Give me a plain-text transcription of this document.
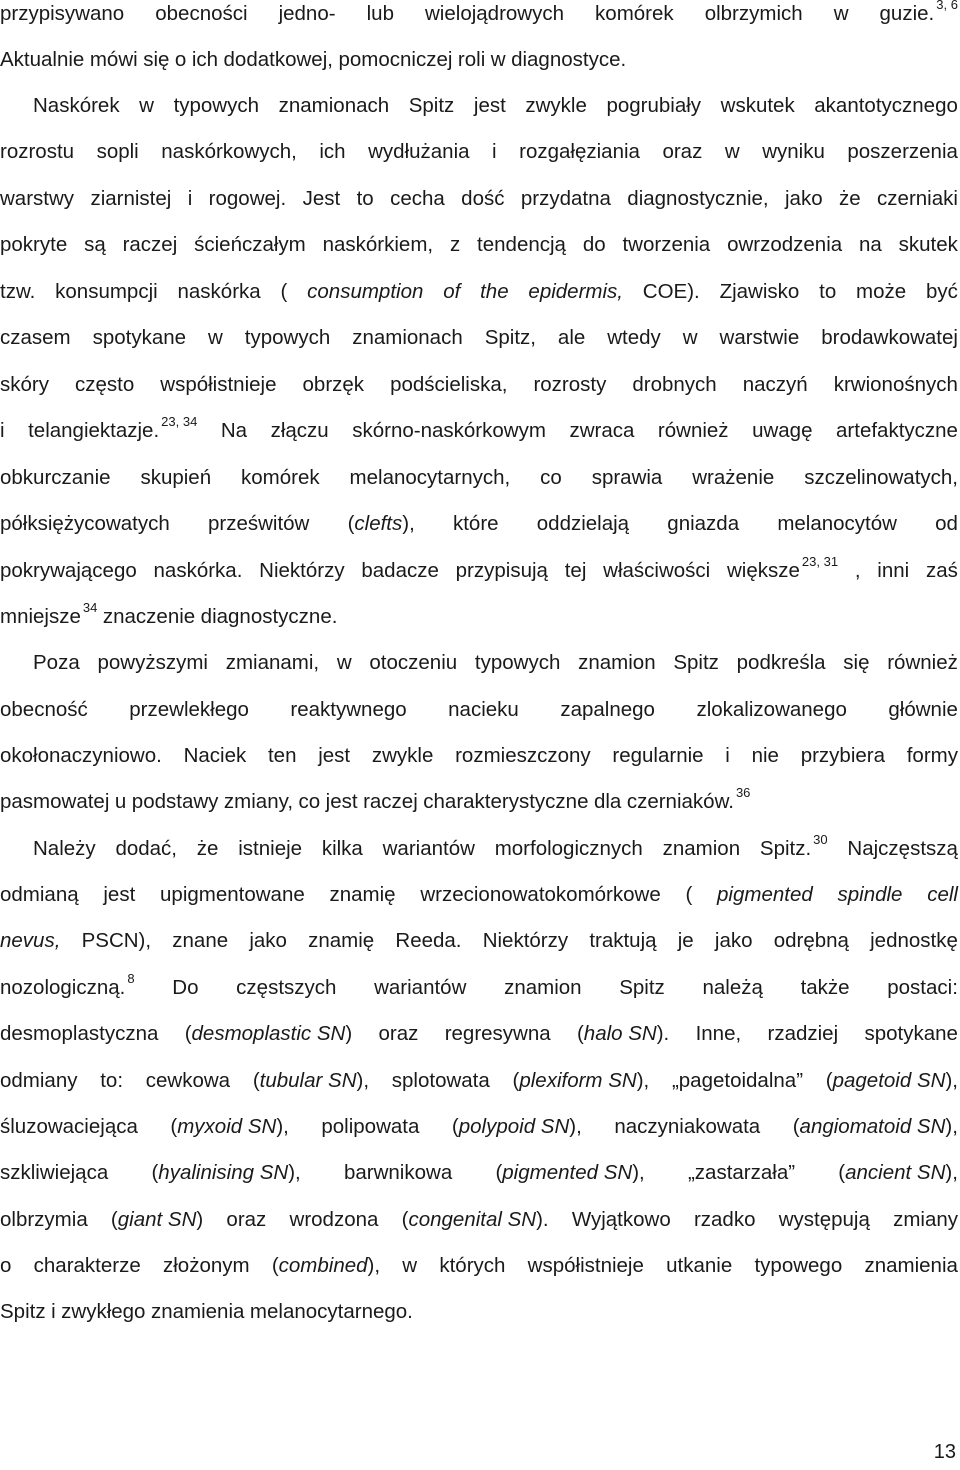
przypisywano obecności jedno- lub wielojądrowych komórek olbrzymich w guzie. $^{3, 6}$
Aktualnie mówi się o ich dodatkowej, pomocniczej roli w diagnostyce.
Naskórek w typowych znamionach Spitz jest zwykle pogrubiały wskutek akantotycznego
rozrostu sopli naskórkowych, ich wydłużania i rozgałęziania oraz w wyniku poszerzenia
warstwy ziarnistej i rogowej. Jest to cecha dość przydatna diagnostycznie, jako że czerniaki
pokryte są raczej ścieńczałym naskórkiem, z tendencją do tworzenia owrzodzenia na skutek
tzw. konsumpcji naskórka ( consumption of the epidermis, COE). Zjawisko to może być
czasem spotykane w typowych znamionach Spitz, ale wtedy w warstwie brodawkowatej
skóry często współistnieje obrzęk podścieliska, rozrosty drobnych naczyń krwionośnych
i telangiektazje. $^{23, 34}$ Na złączu skórno-naskórkowym zwraca również uwagę artefaktyczne
obkurczanie skupień komórek melanocytarnych, co sprawia wrażenie szczelinowatych,
półksiężycowatych prześwitów (clefts), które oddzielają gniazda melanocytów od
pokrywającego naskórka. Niektórzy badacze przypisują tej właściwości większe $^{23, 31}$ , inni zaś
mniejsze $^{34}$ znaczenie diagnostyczne.
Poza powyższymi zmianami, w otoczeniu typowych znamion Spitz podkreśla się również
obecność przewlekłego reaktywnego nacieku zapalnego zlokalizowanego głównie
okołonaczyniowo. Naciek ten jest zwykle rozmieszczony regularnie i nie przybiera formy
pasmowatej u podstawy zmiany, co jest raczej charakterystyczne dla czerniaków. $^{36}$
Należy dodać, że istnieje kilka wariantów morfologicznych znamion Spitz. $^{30}$ Najczęstszą
odmianą jest upigmentowane znamię wrzecionowatokomórkowe ( pigmented spindle cell
nevus, PSCN), znane jako znamię Reeda. Niektórzy traktują je jako odrębną jednostkę
nozologiczną. $^8$ Do częstszych wariantów znamion Spitz należą także postaci:
desmoplastyczna (desmoplastic SN) oraz regresywna (halo SN). Inne, rzadziej spotykane
odmiany to: cewkowa (tubular SN), splotowata (plexiform SN), „pagetoidalna” (pagetoid SN),
śluzowaciejąca (myxoid SN), polipowata (polypoid SN), naczyniakowata (angiomatoid SN),
szkliwiejąca (hyalinising SN), barwnikowa (pigmented SN), „zastarzała” (ancient SN),
olbrzymia (giant SN) oraz wrodzona (congenital SN). Wyjątkowo rzadko występują zmiany
o charakterze złożonym (combined), w których współistnieje utkanie typowego znamienia
Spitz i zwykłego znamienia melanocytarnego.
13
